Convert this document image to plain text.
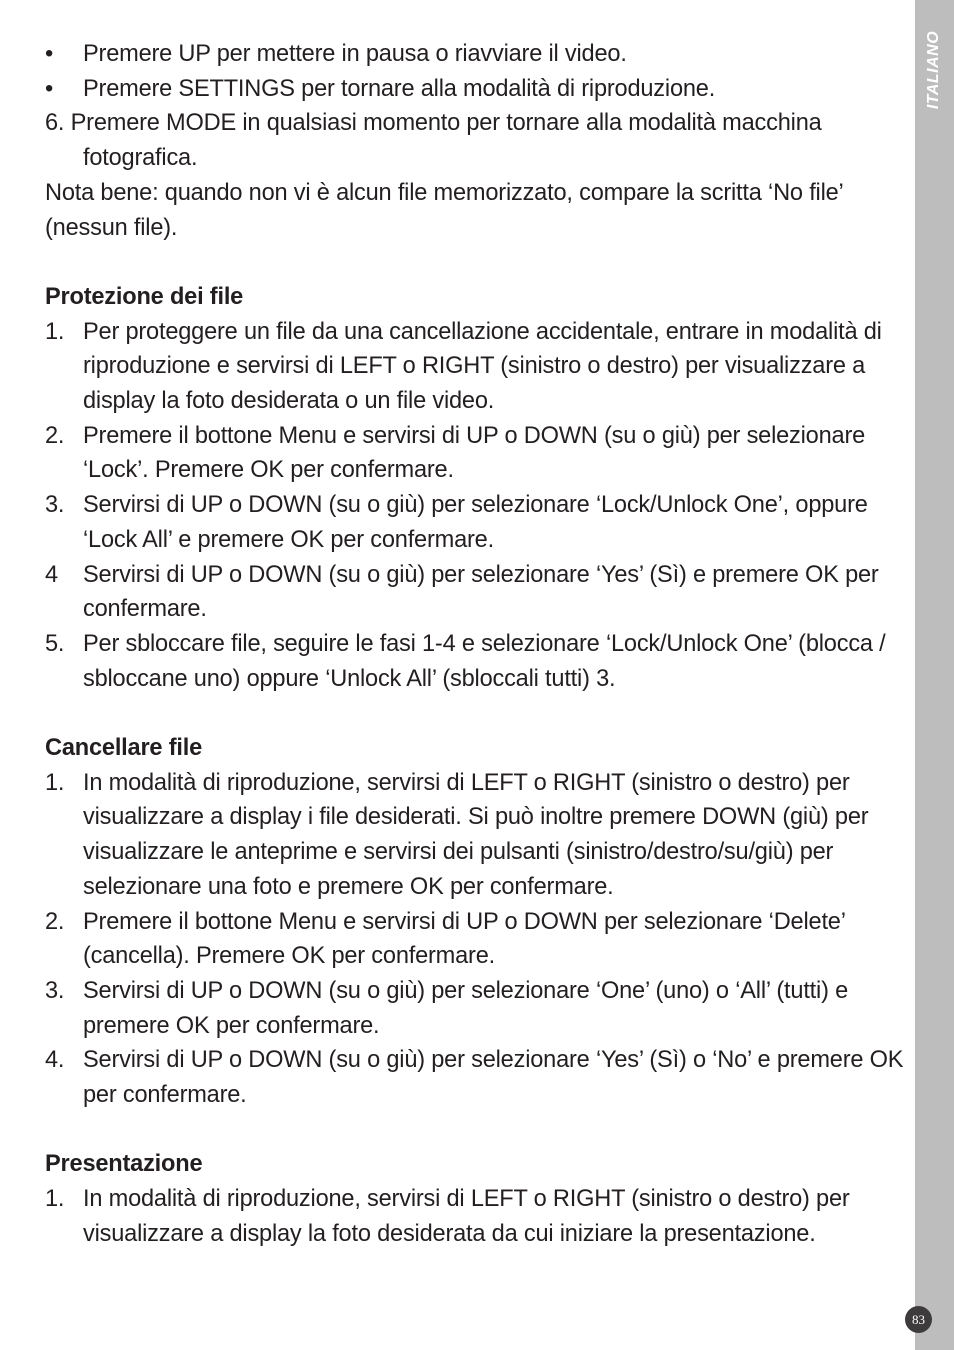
ITALIANO
83
• Premere UP per mettere in pausa o riavviare il video.
• Premere SETTINGS per tornare alla modalità di riproduzione.
6. Premere MODE in qualsiasi momento per tornare alla modalità macchina fotografica.
Nota bene: quando non vi è alcun file memorizzato, compare la scritta ‘No file’ (nessun file).
Protezione dei file
1. Per proteggere un file da una cancellazione accidentale, entrare in modalità di riproduzione e servirsi di LEFT o RIGHT (sinistro o destro) per visualizzare a display la foto desiderata o un file video.
2. Premere il bottone Menu e servirsi di UP o DOWN (su o giù) per selezionare ‘Lock’. Premere OK per confermare.
3. Servirsi di UP o DOWN (su o giù) per selezionare ‘Lock/Unlock One’, oppure ‘Lock All’ e premere OK per confermare.
4 Servirsi di UP o DOWN (su o giù) per selezionare ‘Yes’ (Sì) e premere OK per confermare.
5. Per sbloccare file, seguire le fasi 1-4 e selezionare ‘Lock/Unlock One’ (blocca / sbloccane uno) oppure ‘Unlock All’ (sbloccali tutti) 3.
Cancellare file
1. In modalità di riproduzione, servirsi di LEFT o RIGHT (sinistro o destro) per visualizzare a display i file desiderati. Si può inoltre premere DOWN (giù) per visualizzare le anteprime e servirsi dei pulsanti (sinistro/destro/su/giù) per selezionare una foto e premere OK per confermare.
2. Premere il bottone Menu e servirsi di UP o DOWN per selezionare ‘Delete’ (cancella). Premere OK per confermare.
3. Servirsi di UP o DOWN (su o giù) per selezionare ‘One’ (uno) o ‘All’ (tutti) e premere OK per confermare.
4. Servirsi di UP o DOWN (su o giù) per selezionare ‘Yes’ (Sì) o ‘No’ e premere OK per confermare.
Presentazione
1. In modalità di riproduzione, servirsi di LEFT o RIGHT (sinistro o destro) per visualizzare a display la foto desiderata da cui iniziare la presentazione.
